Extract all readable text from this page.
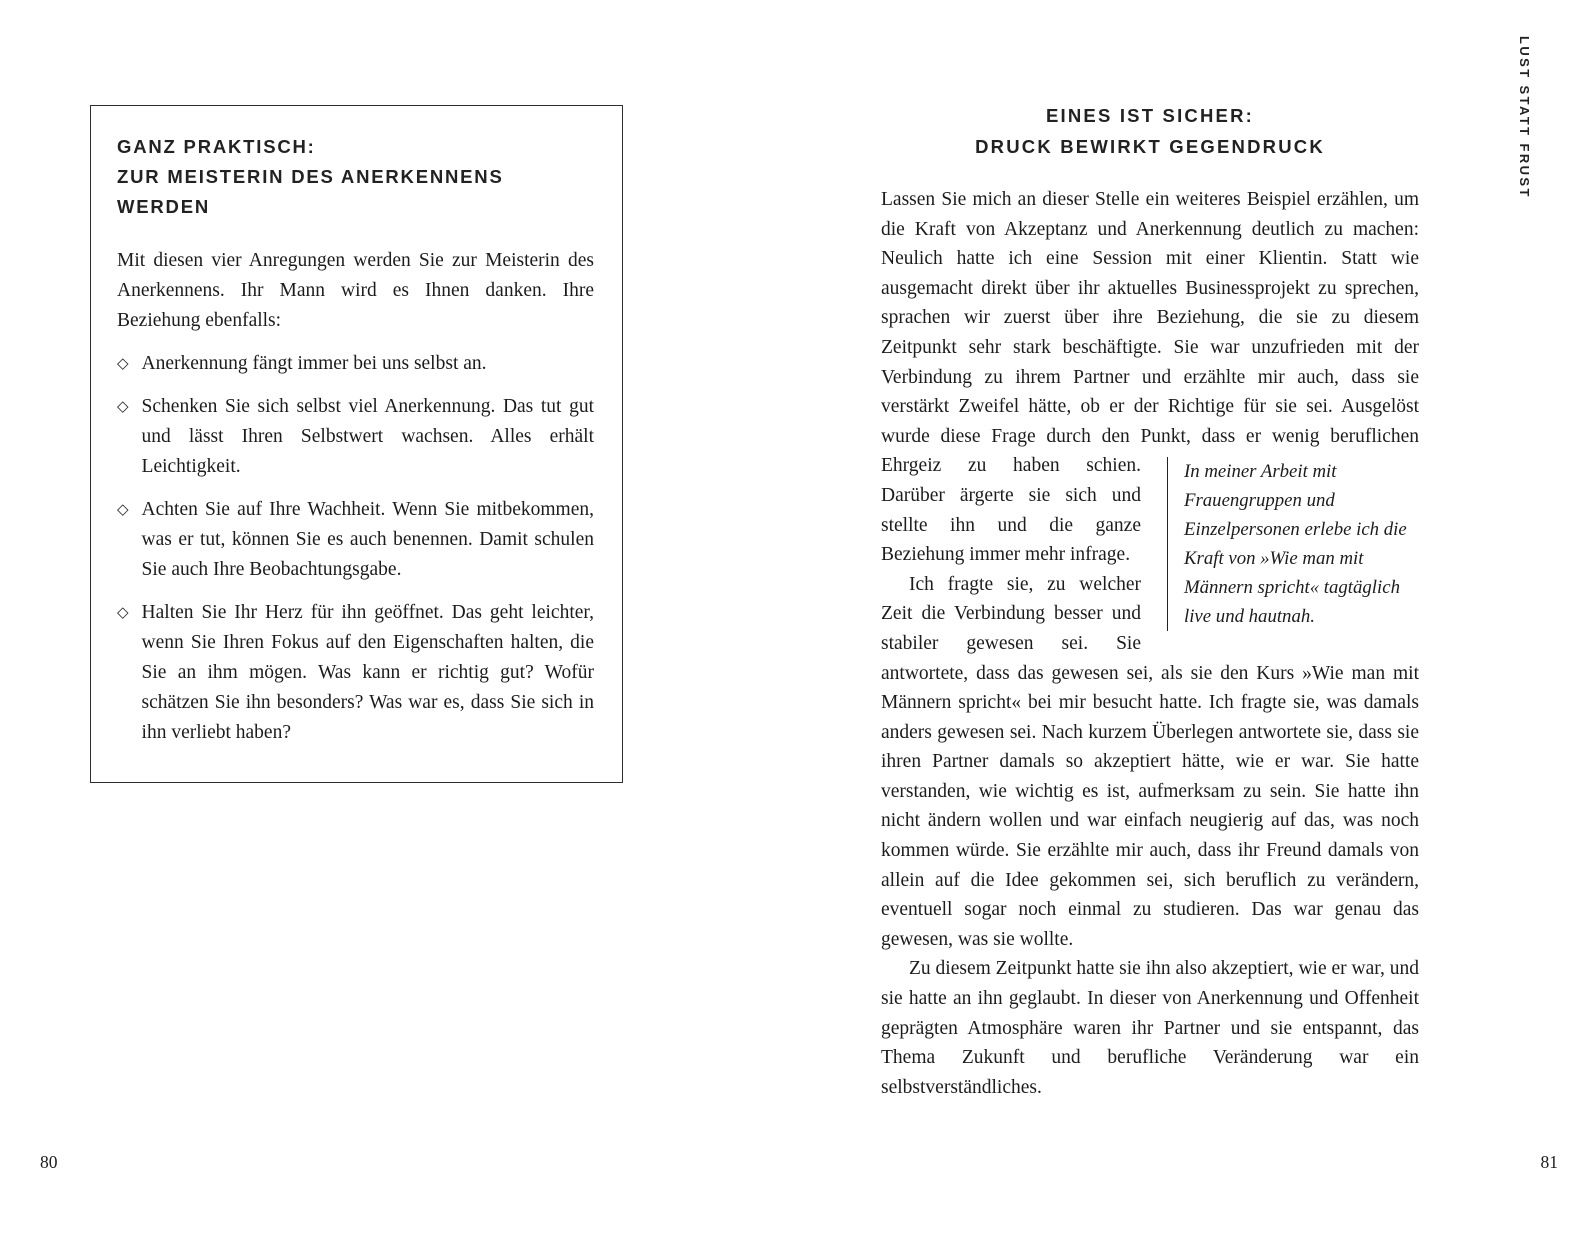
GANZ PRAKTISCH:
ZUR MEISTERIN DES ANERKENNENS
WERDEN

Mit diesen vier Anregungen werden Sie zur Meisterin des Anerkennens. Ihr Mann wird es Ihnen danken. Ihre Beziehung ebenfalls:

◇ Anerkennung fängt immer bei uns selbst an.
◇ Schenken Sie sich selbst viel Anerkennung. Das tut gut und lässt Ihren Selbstwert wachsen. Alles erhält Leichtigkeit.
◇ Achten Sie auf Ihre Wachheit. Wenn Sie mitbekommen, was er tut, können Sie es auch benennen. Damit schulen Sie auch Ihre Beobachtungsgabe.
◇ Halten Sie Ihr Herz für ihn geöffnet. Das geht leichter, wenn Sie Ihren Fokus auf den Eigenschaften halten, die Sie an ihm mögen. Was kann er richtig gut? Wofür schätzen Sie ihn besonders? Was war es, dass Sie sich in ihn verliebt haben?
80
LUST STATT FRUST
EINES IST SICHER:
DRUCK BEWIRKT GEGENDRUCK

Lassen Sie mich an dieser Stelle ein weiteres Beispiel erzählen, um die Kraft von Akzeptanz und Anerkennung deutlich zu machen: Neulich hatte ich eine Session mit einer Klientin. Statt wie ausgemacht direkt über ihr aktuelles Businessprojekt zu sprechen, sprachen wir zuerst über ihre Beziehung, die sie zu diesem Zeitpunkt sehr stark beschäftigte. Sie war unzufrieden mit der Verbindung zu ihrem Partner und erzählte mir auch, dass sie verstärkt Zweifel hätte, ob er der Richtige für sie sei. Ausgelöst wurde diese Frage durch den Punkt, dass er wenig beruflichen
In meiner Arbeit mit Frauengruppen und Einzelpersonen erlebe ich die Kraft von »Wie man mit Männern spricht« tagtäglich live und hautnah.
Ehrgeiz zu haben schien. Darüber ärgerte sie sich und stellte ihn und die ganze Beziehung immer mehr infrage.

Ich fragte sie, zu welcher Zeit die Verbindung besser und stabiler gewesen sei. Sie antwortete, dass das gewesen sei, als sie den Kurs »Wie man mit Männern spricht« bei mir besucht hatte. Ich fragte sie, was damals anders gewesen sei. Nach kurzem Überlegen antwortete sie, dass sie ihren Partner damals so akzeptiert hätte, wie er war. Sie hatte verstanden, wie wichtig es ist, aufmerksam zu sein. Sie hatte ihn nicht ändern wollen und war einfach neugierig auf das, was noch kommen würde. Sie erzählte mir auch, dass ihr Freund damals von allein auf die Idee gekommen sei, sich beruflich zu verändern, eventuell sogar noch einmal zu studieren. Das war genau das gewesen, was sie wollte.

Zu diesem Zeitpunkt hatte sie ihn also akzeptiert, wie er war, und sie hatte an ihn geglaubt. In dieser von Anerkennung und Offenheit geprägten Atmosphäre waren ihr Partner und sie entspannt, das Thema Zukunft und berufliche Veränderung war ein selbstverständliches.

81
